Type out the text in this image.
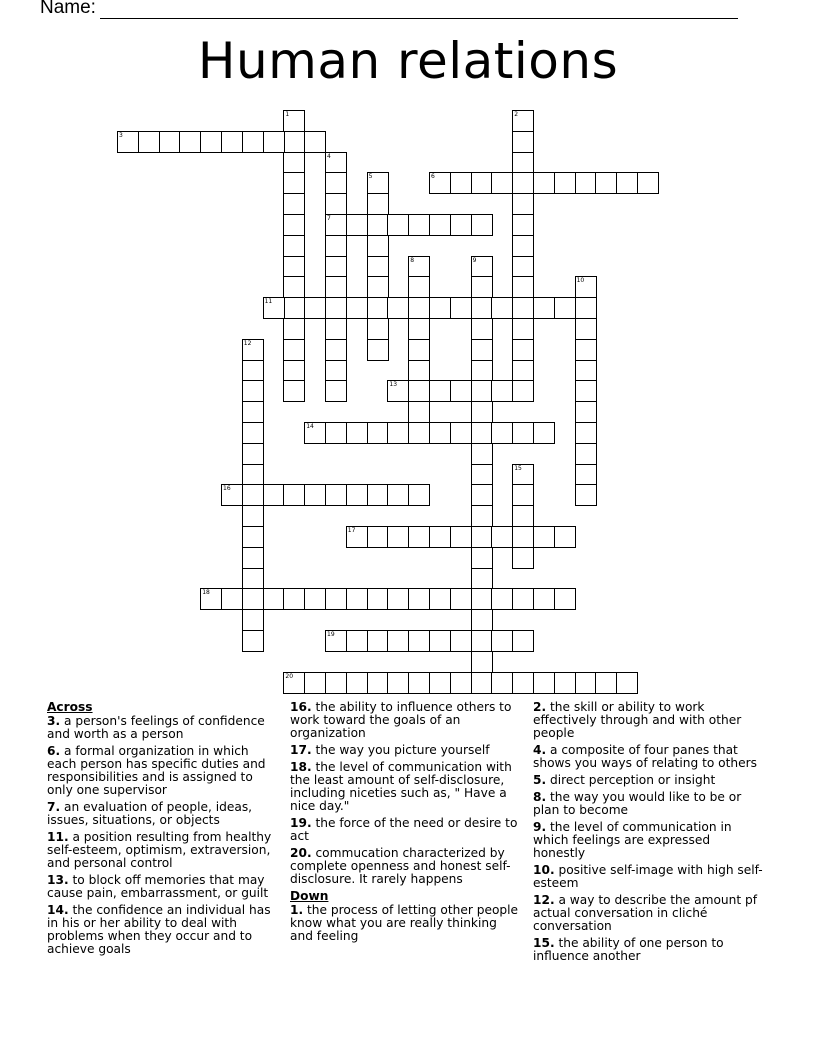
Name:
Human relations
1	2
3
4
7
5	6
8	9
10
11
12
13
14
15
16
17
18
19
20
Across
3. a person's feelings of confidence and worth as a person
6. a formal organization in which each person has specific duties and responsibilities and is assigned to only one supervisor
7. an evaluation of people, ideas, issues, situations, or objects
11. a position resulting from healthy self-esteem, optimism, extraversion, and personal control
13. to block off memories that may cause pain, embarrassment, or guilt
14. the confidence an individual has in his or her ability to deal with problems when they occur and to achieve goals
16. the ability to influence others to work toward the goals of an organization
17. the way you picture yourself
18. the level of communication with the least amount of self-disclosure, including niceties such as, " Have a nice day."
19. the force of the need or desire to act
20. commucation characterized by complete openness and honest self-disclosure. It rarely happens
Down
1. the process of letting other people know what you are really thinking and feeling
2. the skill or ability to work effectively through and with other people
4. a composite of four panes that shows you ways of relating to others
5. direct perception or insight
8. the way you would like to be or plan to become
9. the level of communication in which feelings are expressed honestly
10. positive self-image with high self-esteem
12. a way to describe the amount pf actual conversation in cliché conversation
15. the ability of one person to influence another
